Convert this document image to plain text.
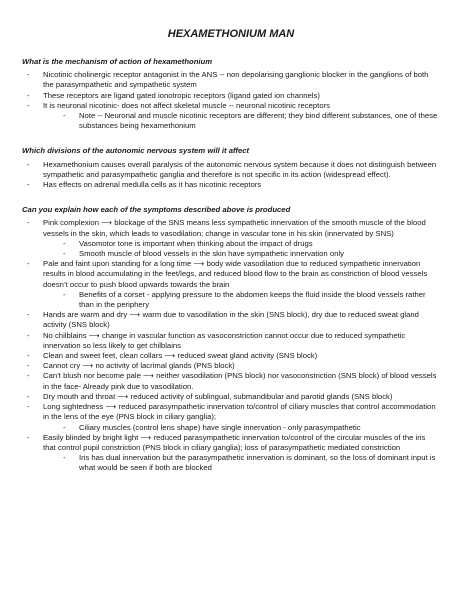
HEXAMETHONIUM MAN
What is the mechanism of action of hexamethonium
- Nicotinic cholinergic receptor antagonist in the ANS -- non depolarising ganglionic blocker in the ganglions of both the parasympathetic and sympathetic system
- These receptors are ligand gated ionotropic receptors (ligand gated ion channels)
- It is neuronal nicotinic- does not affect skeletal muscle -- neuronal nicotinic receptors
- Note -- Neuronal and muscle nicotinic receptors are different; they bind different substances, one of these substances being hexamethonium
Which divisions of the autonomic nervous system will it affect
- Hexamethonium causes overall paralysis of the autonomic nervous system because it does not distinguish between sympathetic and parasympathetic ganglia and therefore is not specific in its action (widespread effect).
- Has effects on adrenal medulla cells as it has nicotinic receptors
Can you explain how each of the symptoms described above is produced
- Pink complexion ⟶ blockage of the SNS means less sympathetic innervation of the smooth muscle of the blood vessels in the skin, which leads to vasodilation; change in vascular tone in his skin (innervated by SNS)
- Vasomotor tone is important when thinking about the impact of drugs
- Smooth muscle of blood vessels in the skin have sympathetic innervation only
- Pale and faint upon standing for a long time ⟶ body wide vasodilation due to reduced sympathetic innervation results in blood accumulating in the feet/legs, and reduced blood flow to the brain as constriction of blood vessels doesn’t occur to push blood upwards towards the brain
- Benefits of a corset - applying pressure to the abdomen keeps the fluid inside the blood vessels rather than in the periphery
- Hands are warm and dry ⟶ warm due to vasodilation in the skin (SNS block), dry due to reduced sweat gland activity (SNS block)
- No chilblains ⟶ change in vascular function as vasoconstriction cannot occur due to reduced sympathetic innervation so less likely to get chilblains
- Clean and sweet feet, clean collars ⟶ reduced sweat gland activity (SNS block)
- Cannot cry ⟶ no activity of lacrimal glands (PNS block)
- Can’t blush nor become pale ⟶ neither vasodilation (PNS block) nor vasoconstriction (SNS block) of blood vessels in the face- Already pink due to vasodilation.
- Dry mouth and throat ⟶ reduced activity of sublingual, submandibular and parotid glands (SNS block)
- Long sightedness ⟶ reduced parasympathetic innervation to/control of ciliary muscles that control accommodation in the lens of the eye (PNS block in ciliary ganglia);
- Ciliary muscles (control lens shape) have single innervation - only parasympathetic
- Easily blinded by bright light ⟶ reduced parasympathetic innervation to/control of the circular muscles of the iris that control pupil constriction (PNS block in ciliary ganglia); loss of parasympathetic mediated constriction
- Iris has dual innervation but the parasympathetic innervation is dominant, so the loss of dominant input is what would be seen if both are blocked
